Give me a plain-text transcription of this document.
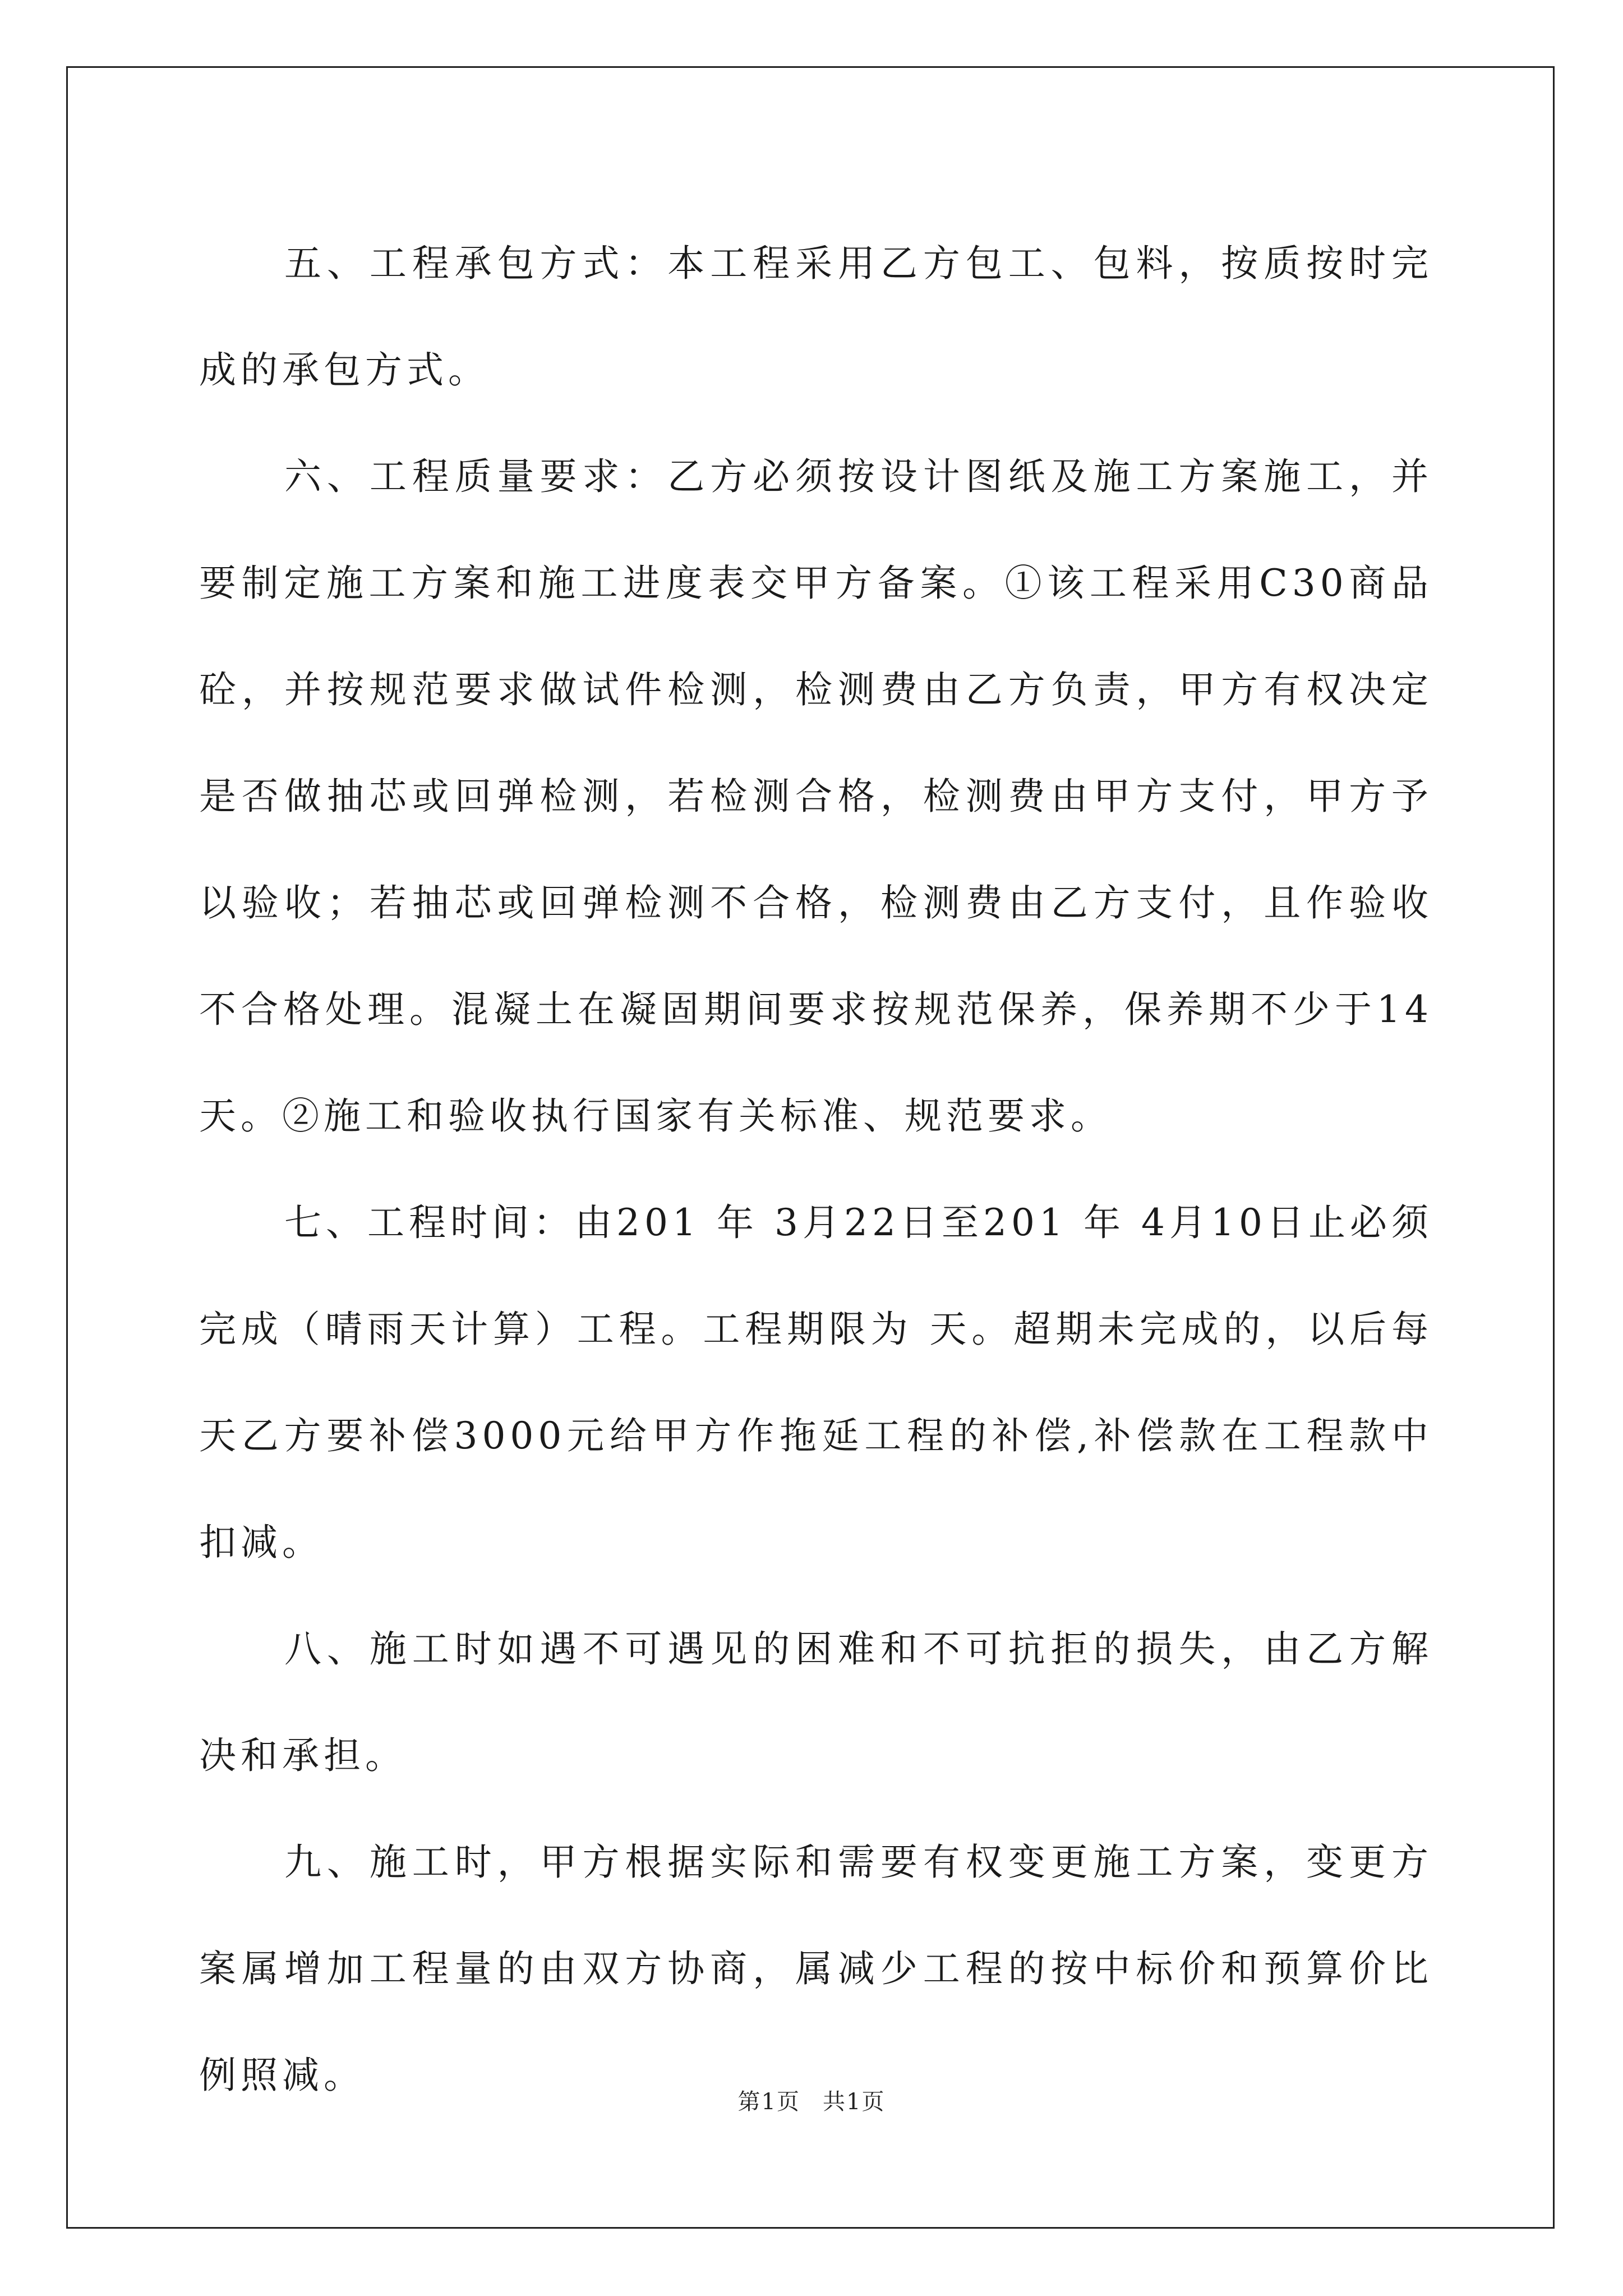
五、工程承包方式：本工程采用乙方包工、包料，按质按时完成的承包方式。

六、工程质量要求：乙方必须按设计图纸及施工方案施工，并要制定施工方案和施工进度表交甲方备案。①该工程采用C30商品砼，并按规范要求做试件检测，检测费由乙方负责，甲方有权决定是否做抽芯或回弹检测，若检测合格，检测费由甲方支付，甲方予以验收；若抽芯或回弹检测不合格，检测费由乙方支付，且作验收不合格处理。混凝土在凝固期间要求按规范保养，保养期不少于14天。②施工和验收执行国家有关标准、规范要求。

七、工程时间：由201 年 3月22日至201 年 4月10日止必须完成（晴雨天计算）工程。工程期限为 天。超期未完成的，以后每天乙方要补偿3000元给甲方作拖延工程的补偿,补偿款在工程款中扣减。

八、施工时如遇不可遇见的困难和不可抗拒的损失，由乙方解决和承担。

九、施工时，甲方根据实际和需要有权变更施工方案，变更方案属增加工程量的由双方协商，属减少工程的按中标价和预算价比例照减。

第1页 共1页
